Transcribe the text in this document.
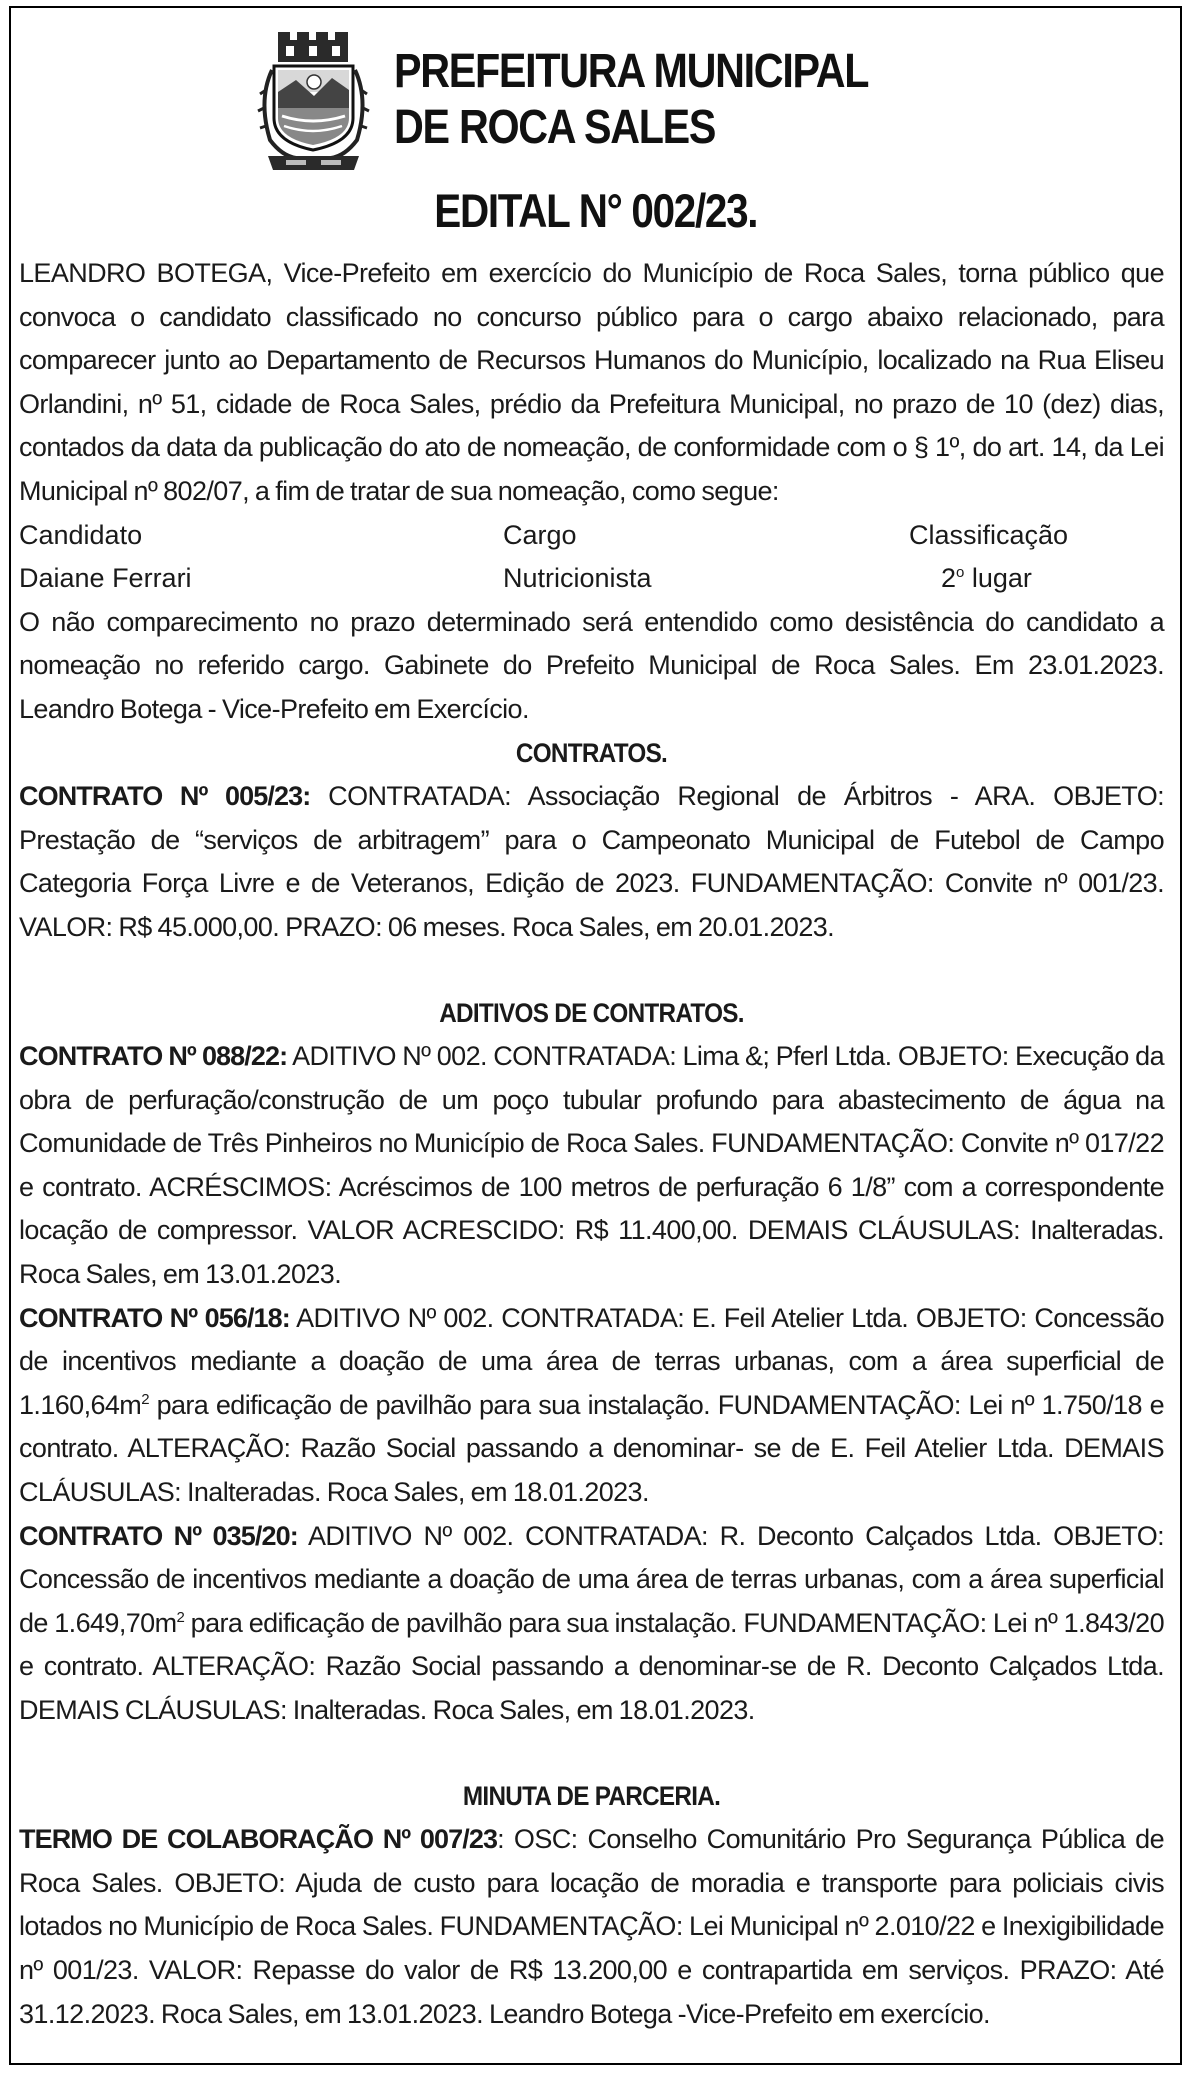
PREFEITURA MUNICIPAL
DE ROCA SALES
EDITAL N° 002/23.
LEANDRO BOTEGA, Vice-Prefeito em exercício do Município de Roca Sales, torna público que convoca o candidato classificado no concurso público para o cargo abaixo relacionado, para comparecer junto ao Departamento de Recursos Humanos do Município, localizado na Rua Eliseu Orlandini, nº 51, cidade de Roca Sales, prédio da Prefeitura Municipal, no prazo de 10 (dez) dias, contados da data da publicação do ato de nomeação, de conformidade com o § 1º, do art. 14, da Lei Municipal nº 802/07, a fim de tratar de sua nomeação, como segue:
Candidato	Cargo	Classificação
Daiane Ferrari	Nutricionista	2$^o$ lugar
O não comparecimento no prazo determinado será entendido como desistência do candidato a nomeação no referido cargo. Gabinete do Prefeito Municipal de Roca Sales. Em 23.01.2023. Leandro Botega - Vice-Prefeito em Exercício.
CONTRATOS.
CONTRATO Nº 005/23: CONTRATADA: Associação Regional de Árbitros - ARA. OBJETO: Prestação de “serviços de arbitragem” para o Campeonato Municipal de Futebol de Campo Categoria Força Livre e de Veteranos, Edição de 2023. FUNDAMENTAÇÃO: Convite nº 001/23. VALOR: R$ 45.000,00. PRAZO: 06 meses. Roca Sales, em 20.01.2023.
ADITIVOS DE CONTRATOS.
CONTRATO Nº 088/22: ADITIVO Nº 002. CONTRATADA: Lima &; Pferl Ltda. OBJETO: Execução da obra de perfuração/construção de um poço tubular profundo para abastecimento de água na Comunidade de Três Pinheiros no Município de Roca Sales. FUNDAMENTAÇÃO: Convite nº 017/22 e contrato. ACRÉSCIMOS: Acréscimos de 100 metros de perfuração 6 1/8” com a correspondente locação de compressor. VALOR ACRESCIDO: R$ 11.400,00. DEMAIS CLÁUSULAS: Inalteradas. Roca Sales, em 13.01.2023.
CONTRATO Nº 056/18: ADITIVO Nº 002. CONTRATADA: E. Feil Atelier Ltda. OBJETO: Concessão de incentivos mediante a doação de uma área de terras urbanas, com a área superficial de $1.160,64m^2$ para edificação de pavilhão para sua instalação. FUNDAMENTAÇÃO: Lei nº 1.750/18 e contrato. ALTERAÇÃO: Razão Social passando a denominar- se de E. Feil Atelier Ltda. DEMAIS CLÁUSULAS: Inalteradas. Roca Sales, em 18.01.2023.
CONTRATO Nº 035/20: ADITIVO Nº 002. CONTRATADA: R. Deconto Calçados Ltda. OBJETO: Concessão de incentivos mediante a doação de uma área de terras urbanas, com a área superficial de $1.649,70m^2$ para edificação de pavilhão para sua instalação. FUNDAMENTAÇÃO: Lei nº 1.843/20 e contrato. ALTERAÇÃO: Razão Social passando a denominar-se de R. Deconto Calçados Ltda. DEMAIS CLÁUSULAS: Inalteradas. Roca Sales, em 18.01.2023.
MINUTA DE PARCERIA.
TERMO DE COLABORAÇÃO Nº 007/23: OSC: Conselho Comunitário Pro Segurança Pública de Roca Sales. OBJETO: Ajuda de custo para locação de moradia e transporte para policiais civis lotados no Município de Roca Sales. FUNDAMENTAÇÃO: Lei Municipal nº 2.010/22 e Inexigibilidade nº 001/23. VALOR: Repasse do valor de R$ 13.200,00 e contrapartida em serviços. PRAZO: Até 31.12.2023. Roca Sales, em 13.01.2023. Leandro Botega -Vice-Prefeito em exercício.
